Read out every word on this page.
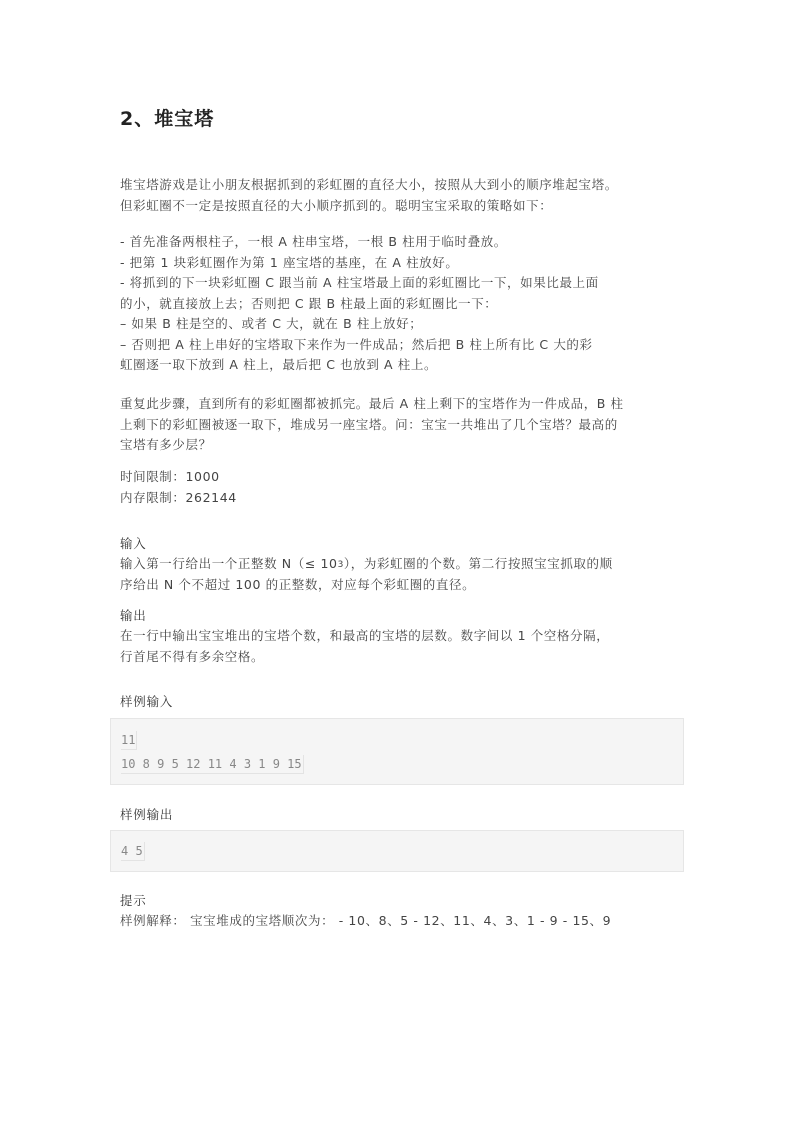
2、堆宝塔
堆宝塔游戏是让小朋友根据抓到的彩虹圈的直径大小，按照从大到小的顺序堆起宝塔。
但彩虹圈不一定是按照直径的大小顺序抓到的。聪明宝宝采取的策略如下：
- 首先准备两根柱子，一根 A 柱串宝塔，一根 B 柱用于临时叠放。
- 把第 1 块彩虹圈作为第 1 座宝塔的基座，在 A 柱放好。
- 将抓到的下一块彩虹圈 C 跟当前 A 柱宝塔最上面的彩虹圈比一下，如果比最上面
的小，就直接放上去；否则把 C 跟 B 柱最上面的彩虹圈比一下：
– 如果 B 柱是空的、或者 C 大，就在 B 柱上放好；
– 否则把 A 柱上串好的宝塔取下来作为一件成品；然后把 B 柱上所有比 C 大的彩
虹圈逐一取下放到 A 柱上，最后把 C 也放到 A 柱上。
重复此步骤，直到所有的彩虹圈都被抓完。最后 A 柱上剩下的宝塔作为一件成品，B 柱
上剩下的彩虹圈被逐一取下，堆成另一座宝塔。问：宝宝一共堆出了几个宝塔？最高的
宝塔有多少层？
时间限制：1000
内存限制：262144
输入
输入第一行给出一个正整数 N（≤ 103），为彩虹圈的个数。第二行按照宝宝抓取的顺
序给出 N 个不超过 100 的正整数，对应每个彩虹圈的直径。
输出
在一行中输出宝宝堆出的宝塔个数，和最高的宝塔的层数。数字间以 1 个空格分隔，
行首尾不得有多余空格。
样例输入
11
10 8 9 5 12 11 4 3 1 9 15
样例输出
4 5
提示
样例解释： 宝宝堆成的宝塔顺次为： - 10、8、5 - 12、11、4、3、1 - 9 - 15、9
